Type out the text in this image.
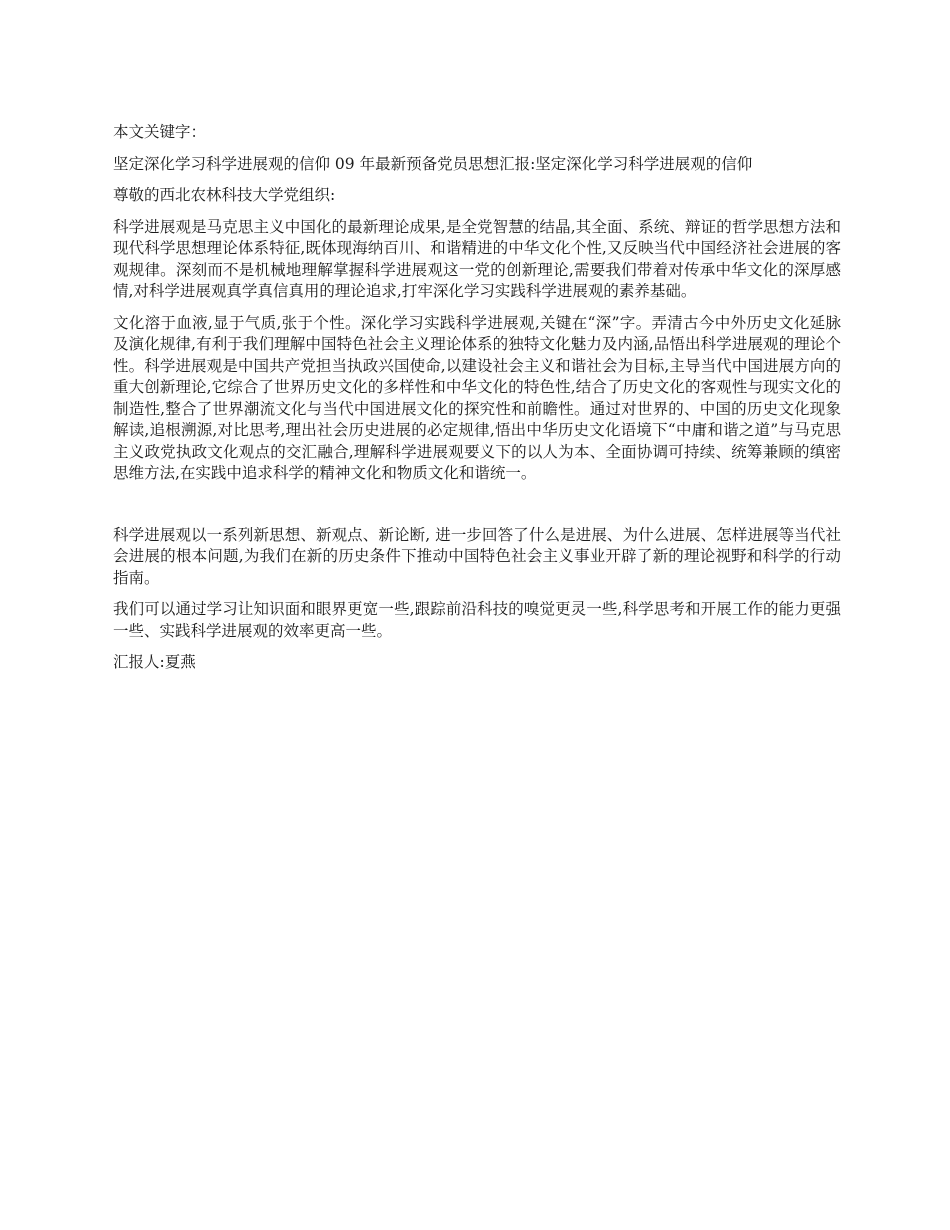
本文关键字：

坚定深化学习科学进展观的信仰 09 年最新预备党员思想汇报:坚定深化学习科学进展观的信仰

尊敬的西北农林科技大学党组织:

科学进展观是马克思主义中国化的最新理论成果,是全党智慧的结晶,其全面、系统、辩证的哲学思想方法和现代科学思想理论体系特征,既体现海纳百川、和谐精进的中华文化个性,又反映当代中国经济社会进展的客观规律。深刻而不是机械地理解掌握科学进展观这一党的创新理论,需要我们带着对传承中华文化的深厚感情,对科学进展观真学真信真用的理论追求,打牢深化学习实践科学进展观的素养基础。

文化溶于血液,显于气质,张于个性。深化学习实践科学进展观,关键在“深”字。弄清古今中外历史文化延脉及演化规律,有利于我们理解中国特色社会主义理论体系的独特文化魅力及内涵,品悟出科学进展观的理论个性。科学进展观是中国共产党担当执政兴国使命,以建设社会主义和谐社会为目标,主导当代中国进展方向的重大创新理论,它综合了世界历史文化的多样性和中华文化的特色性,结合了历史文化的客观性与现实文化的制造性,整合了世界潮流文化与当代中国进展文化的探究性和前瞻性。通过对世界的、中国的历史文化现象解读,追根溯源,对比思考,理出社会历史进展的必定规律,悟出中华历史文化语境下“中庸和谐之道”与马克思主义政党执政文化观点的交汇融合,理解科学进展观要义下的以人为本、全面协调可持续、统筹兼顾的缜密思维方法,在实践中追求科学的精神文化和物质文化和谐统一。

科学进展观以一系列新思想、新观点、新论断, 进一步回答了什么是进展、为什么进展、怎样进展等当代社会进展的根本问题,为我们在新的历史条件下推动中国特色社会主义事业开辟了新的理论视野和科学的行动指南。

我们可以通过学习让知识面和眼界更宽一些,跟踪前沿科技的嗅觉更灵一些,科学思考和开展工作的能力更强一些、实践科学进展观的效率更高一些。

汇报人:夏燕
